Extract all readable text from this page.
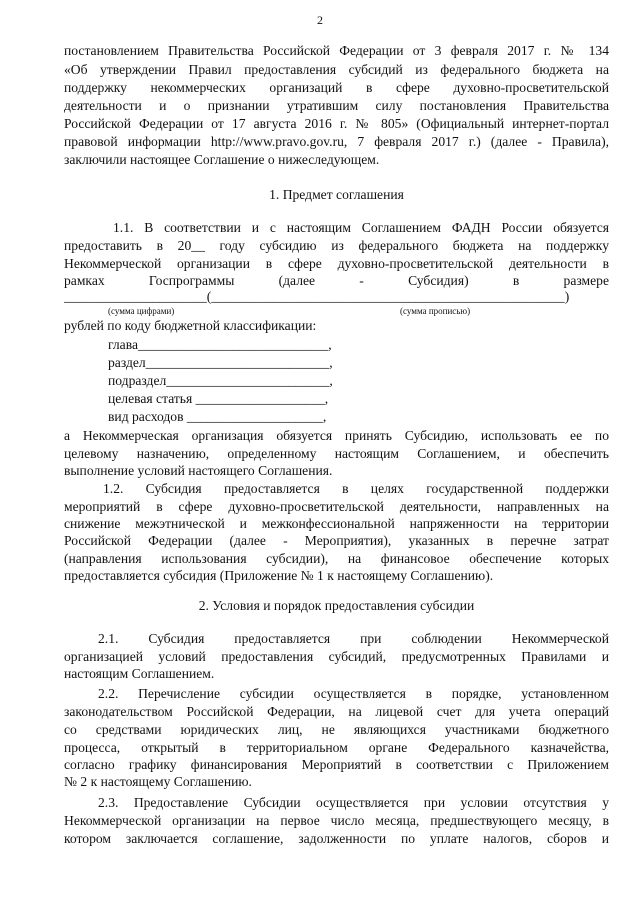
2
постановлением Правительства Российской Федерации от 3 февраля 2017 г. № 134
«Об утверждении Правил предоставления субсидий из федерального бюджета на
поддержку некоммерческих организаций в сфере духовно-просветительской
деятельности и о признании утратившим силу постановления Правительства
Российской Федерации от 17 августа 2016 г. № 805» (Официальный интернет-портал
правовой информации http://www.pravo.gov.ru, 7 февраля 2017 г.) (далее - Правила),
заключили настоящее Соглашение о нижеследующем.
1. Предмет соглашения
1.1. В соответствии и с настоящим Соглашением ФАДН России обязуется
предоставить в 20__ году субсидию из федерального бюджета на поддержку
Некоммерческой организации в сфере духовно-просветительской деятельности в
рамках Госпрограммы (далее - Субсидия) в размере
_____________________(____________________________________________________)
(сумма цифрами)	(сумма прописью)
рублей по коду бюджетной классификации:
глава____________________________,
раздел___________________________,
подраздел________________________,
целевая статья ___________________,
вид расходов ____________________,
а Некоммерческая организация обязуется принять Субсидию, использовать ее по
целевому назначению, определенному настоящим Соглашением, и обеспечить
выполнение условий настоящего Соглашения.
1.2. Субсидия предоставляется в целях государственной поддержки
мероприятий в сфере духовно-просветительской деятельности, направленных на
снижение межэтнической и межконфессиональной напряженности на территории
Российской Федерации (далее - Мероприятия), указанных в перечне затрат
(направления использования субсидии), на финансовое обеспечение которых
предоставляется субсидия (Приложение № 1 к настоящему Соглашению).
2. Условия и порядок предоставления субсидии
2.1. Субсидия предоставляется при соблюдении Некоммерческой
организацией условий предоставления субсидий, предусмотренных Правилами и
настоящим Соглашением.
2.2. Перечисление субсидии осуществляется в порядке, установленном
законодательством Российской Федерации, на лицевой счет для учета операций
со средствами юридических лиц, не являющихся участниками бюджетного
процесса, открытый в территориальном органе Федерального казначейства,
согласно графику финансирования Мероприятий в соответствии с Приложением
№ 2 к настоящему Соглашению.
2.3. Предоставление Субсидии осуществляется при условии отсутствия у
Некоммерческой организации на первое число месяца, предшествующего месяцу, в
котором заключается соглашение, задолженности по уплате налогов, сборов и
